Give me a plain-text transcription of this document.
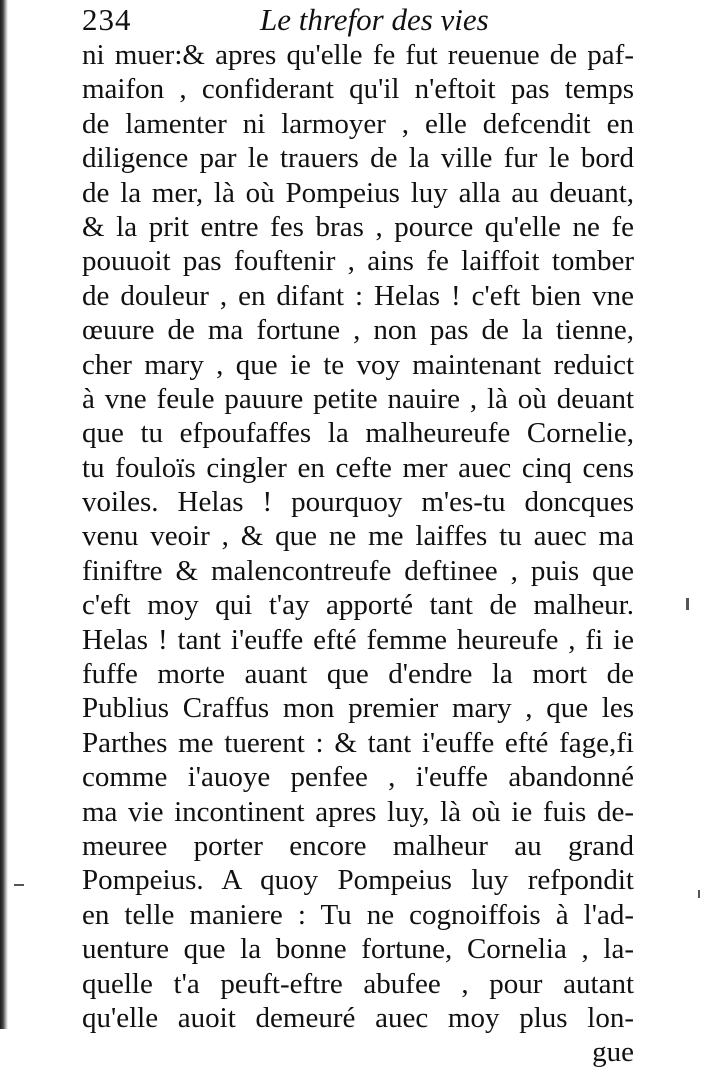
234	Le threfor des vies
ni muer:& apres qu'elle fe fut reuenue de paf-
maifon , confiderant qu'il n'eftoit pas temps
de lamenter ni larmoyer , elle defcendit en
diligence par le trauers de la ville fur le bord
de la mer, là où Pompeius luy alla au deuant,
& la prit entre fes bras , pource qu'elle ne fe
pouuoit pas fouftenir , ains fe laiffoit tomber
de douleur , en difant : Helas ! c'eft bien vne
œuure de ma fortune , non pas de la tienne,
cher mary , que ie te voy maintenant reduict
à vne feule pauure petite nauire , là où deuant
que tu efpoufaffes la malheureufe Cornelie,
tu fouloïs cingler en cefte mer auec cinq cens
voiles. Helas ! pourquoy m'es-tu doncques
venu veoir , & que ne me laiffes tu auec ma
finiftre & malencontreufe deftinee , puis que
c'eft moy qui t'ay apporté tant de malheur.
Helas ! tant i'euffe efté femme heureufe , fi ie
fuffe morte auant que d'endre la mort de
Publius Craffus mon premier mary , que les
Parthes me tuerent : & tant i'euffe efté fage,fi
comme i'auoye penfee , i'euffe abandonné
ma vie incontinent apres luy, là où ie fuis de-
meuree porter encore malheur au grand
Pompeius. A quoy Pompeius luy refpondit
en telle maniere : Tu ne cognoiffois à l'ad-
uenture que la bonne fortune, Cornelia , la-
quelle t'a peuft-eftre abufee , pour autant
qu'elle auoit demeuré auec moy plus lon-
gue
